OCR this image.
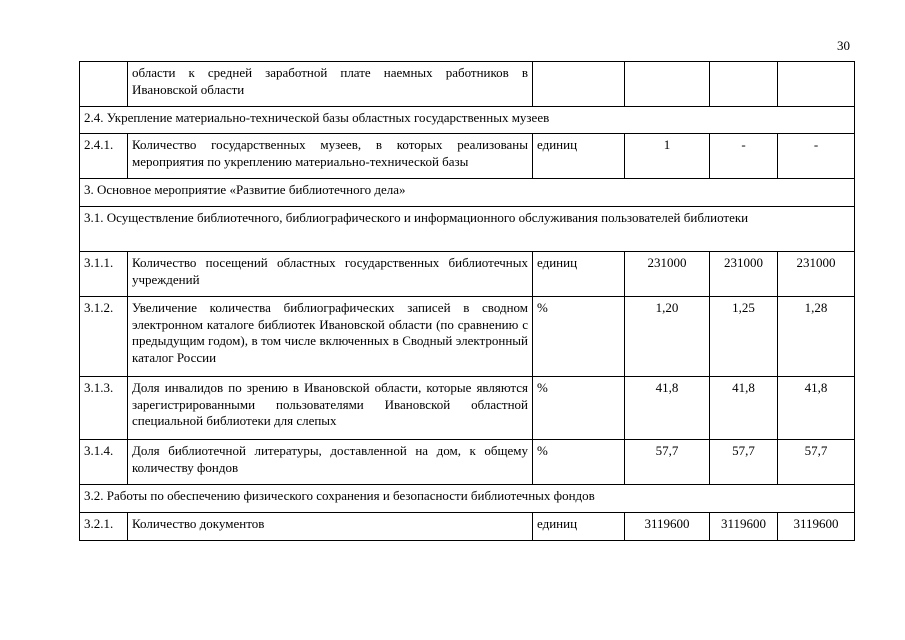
30
	области к средней заработной плате наемных работников в Ивановской области				
2.4. Укрепление материально-технической базы областных государственных музеев					
2.4.1.	Количество государственных музеев, в которых реализованы мероприятия по укреплению материально-технической базы	единиц	1	-	-
3. Основное мероприятие «Развитие библиотечного дела»					
3.1. Осуществление библиотечного, библиографического и информационного обслуживания пользователей библиотеки					
3.1.1.	Количество посещений областных государственных библиотечных учреждений	единиц	231000	231000	231000
3.1.2.	Увеличение количества библиографических записей в сводном электронном каталоге библиотек Ивановской области (по сравнению с предыдущим годом), в том числе включенных в Сводный электронный каталог России	%	1,20	1,25	1,28
3.1.3.	Доля инвалидов по зрению в Ивановской области, которые являются зарегистрированными пользователями Ивановской областной специальной библиотеки для слепых	%	41,8	41,8	41,8
3.1.4.	Доля библиотечной литературы, доставленной на дом, к общему количеству фондов	%	57,7	57,7	57,7
3.2. Работы по обеспечению физического сохранения и безопасности библиотечных фондов					
3.2.1.	Количество документов	единиц	3119600	3119600	3119600
